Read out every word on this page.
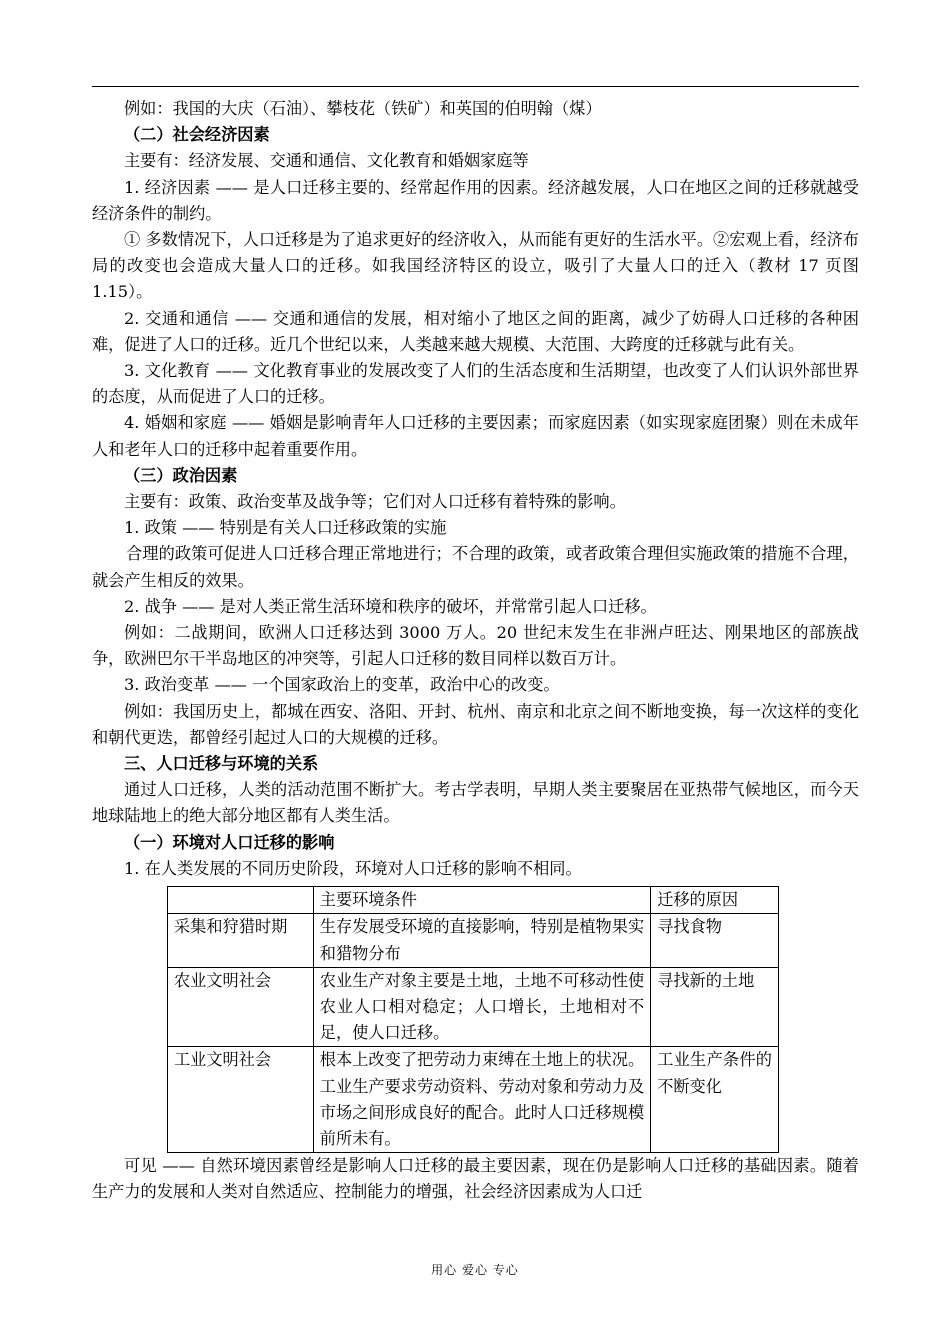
例如：我国的大庆（石油）、攀枝花（铁矿）和英国的伯明翰（煤）

（二）社会经济因素

主要有：经济发展、交通和通信、文化教育和婚姻家庭等

1. 经济因素 —— 是人口迁移主要的、经常起作用的因素。经济越发展，人口在地区之间的迁移就越受经济条件的制约。

① 多数情况下，人口迁移是为了追求更好的经济收入，从而能有更好的生活水平。②宏观上看，经济布局的改变也会造成大量人口的迁移。如我国经济特区的设立，吸引了大量人口的迁入（教材 17 页图 1.15）。

2. 交通和通信 —— 交通和通信的发展，相对缩小了地区之间的距离，减少了妨碍人口迁移的各种困难，促进了人口的迁移。近几个世纪以来，人类越来越大规模、大范围、大跨度的迁移就与此有关。

3. 文化教育 —— 文化教育事业的发展改变了人们的生活态度和生活期望，也改变了人们认识外部世界的态度，从而促进了人口的迁移。

4. 婚姻和家庭 —— 婚姻是影响青年人口迁移的主要因素；而家庭因素（如实现家庭团聚）则在未成年人和老年人口的迁移中起着重要作用。

（三）政治因素

主要有：政策、政治变革及战争等；它们对人口迁移有着特殊的影响。

1. 政策 —— 特别是有关人口迁移政策的实施

合理的政策可促进人口迁移合理正常地进行；不合理的政策，或者政策合理但实施政策的措施不合理，就会产生相反的效果。

2. 战争 —— 是对人类正常生活环境和秩序的破坏，并常常引起人口迁移。

例如：二战期间，欧洲人口迁移达到 3000 万人。20 世纪末发生在非洲卢旺达、刚果地区的部族战争，欧洲巴尔干半岛地区的冲突等，引起人口迁移的数目同样以数百万计。

3. 政治变革 —— 一个国家政治上的变革，政治中心的改变。

例如：我国历史上，都城在西安、洛阳、开封、杭州、南京和北京之间不断地变换，每一次这样的变化和朝代更迭，都曾经引起过人口的大规模的迁移。

三、人口迁移与环境的关系

通过人口迁移，人类的活动范围不断扩大。考古学表明，早期人类主要聚居在亚热带气候地区，而今天地球陆地上的绝大部分地区都有人类生活。

（一）环境对人口迁移的影响

1. 在人类发展的不同历史阶段，环境对人口迁移的影响不相同。

	主要环境条件	迁移的原因
采集和狩猎时期	生存发展受环境的直接影响，特别是植物果实和猎物分布	寻找食物
农业文明社会	农业生产对象主要是土地，土地不可移动性使农业人口相对稳定；人口增长，土地相对不足，使人口迁移。	寻找新的土地
工业文明社会	根本上改变了把劳动力束缚在土地上的状况。工业生产要求劳动资料、劳动对象和劳动力及市场之间形成良好的配合。此时人口迁移规模前所未有。	工业生产条件的不断变化

可见 —— 自然环境因素曾经是影响人口迁移的最主要因素，现在仍是影响人口迁移的基础因素。随着生产力的发展和人类对自然适应、控制能力的增强，社会经济因素成为人口迁

用心 爱心 专心
